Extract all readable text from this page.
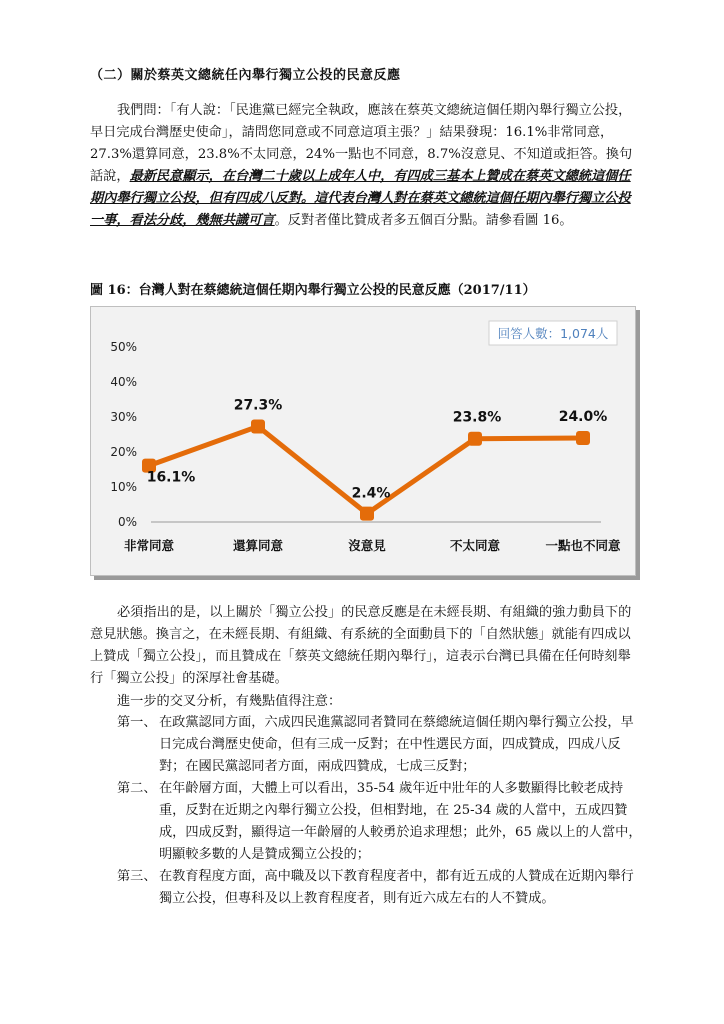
（二）關於蔡英文總統任內舉行獨立公投的民意反應
我們問：「有人說：「民進黨已經完全執政，應該在蔡英文總統這個任期內舉行獨立公投，早日完成台灣歷史使命」，請問您同意或不同意這項主張？」結果發現：16.1%非常同意，27.3%還算同意，23.8%不太同意，24%一點也不同意，8.7%沒意見、不知道或拒答。換句話說，最新民意顯示，在台灣二十歲以上成年人中，有四成三基本上贊成在蔡英文總統這個任期內舉行獨立公投，但有四成八反對。這代表台灣人對在蔡英文總統這個任期內舉行獨立公投一事，看法分歧，幾無共識可言。反對者僅比贊成者多五個百分點。請參看圖 16。
圖 16：台灣人對在蔡總統這個任期內舉行獨立公投的民意反應（2017/11）
回答人數：1,074人
0%
10%
20%
30%
40%
50%
非常同意	還算同意	沒意見	不太同意	一點也不同意
16.1%
27.3%
2.4%
23.8%	24.0%
必須指出的是，以上關於「獨立公投」的民意反應是在未經長期、有組織的強力動員下的意見狀態。換言之，在未經長期、有組織、有系統的全面動員下的「自然狀態」就能有四成以上贊成「獨立公投」，而且贊成在「蔡英文總統任期內舉行」，這表示台灣已具備在任何時刻舉行「獨立公投」的深厚社會基礎。
進一步的交叉分析，有幾點值得注意：
第一、 在政黨認同方面，六成四民進黨認同者贊同在蔡總統這個任期內舉行獨立公投，早日完成台灣歷史使命，但有三成一反對；在中性選民方面，四成贊成，四成八反對；在國民黨認同者方面，兩成四贊成，七成三反對；
第二、 在年齡層方面，大體上可以看出，35-54 歲年近中壯年的人多數顯得比較老成持重，反對在近期之內舉行獨立公投，但相對地，在 25-34 歲的人當中，五成四贊成，四成反對，顯得這一年齡層的人較勇於追求理想；此外，65 歲以上的人當中，明顯較多數的人是贊成獨立公投的；
第三、 在教育程度方面，高中職及以下教育程度者中，都有近五成的人贊成在近期內舉行獨立公投，但專科及以上教育程度者，則有近六成左右的人不贊成。
